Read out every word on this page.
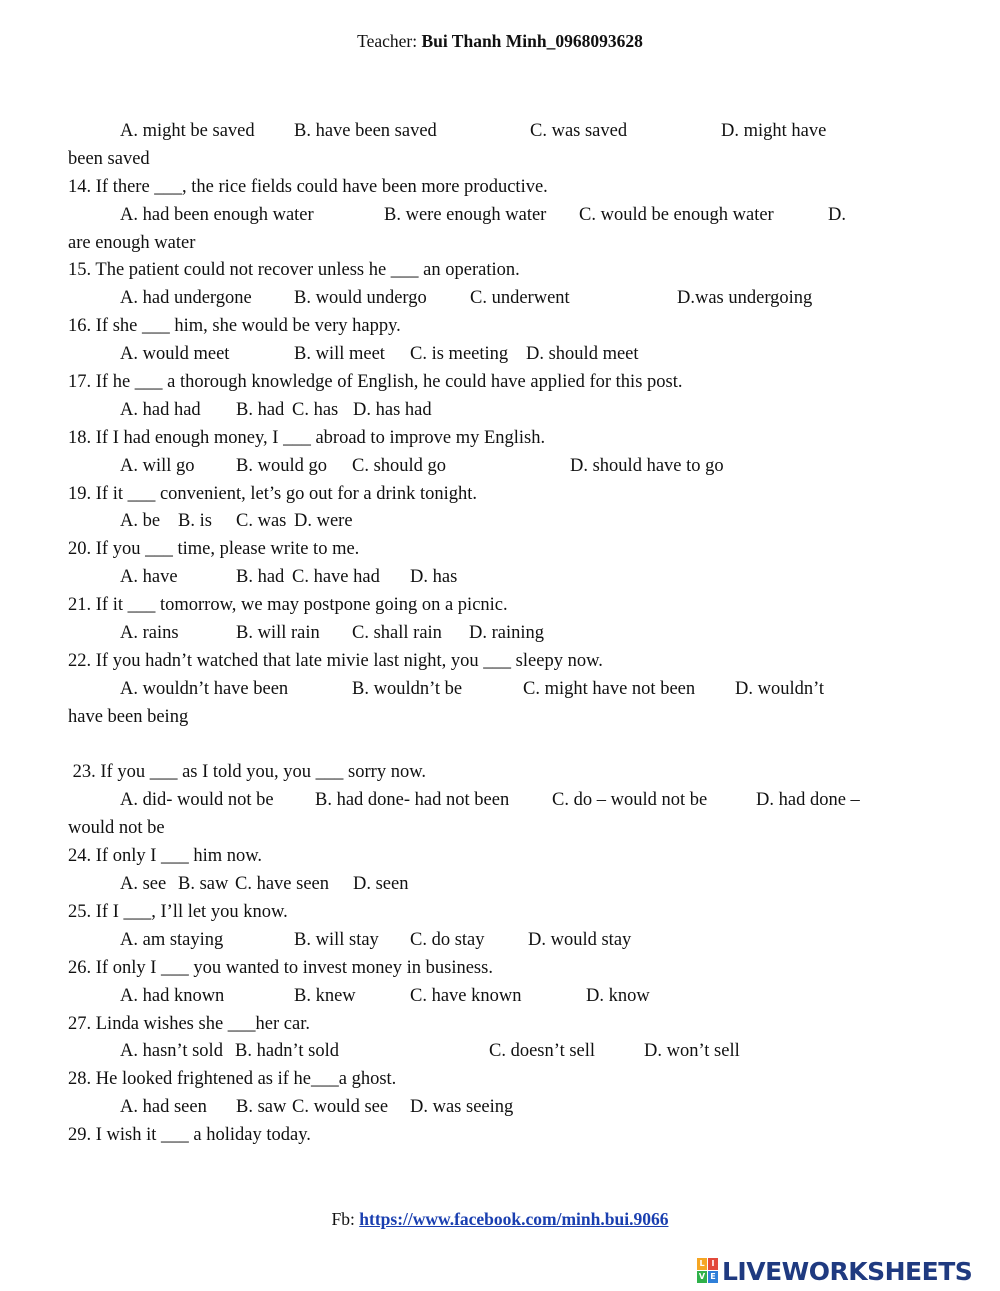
Teacher: Bui Thanh Minh_0968093628
A. might be saved B. have been saved	C. was saved	D. might have
been saved
14. If there ___, the rice fields could have been more productive.
A. had been enough water	B. were enough water C. would be enough water	D.
are enough water
15. The patient could not recover unless he ___ an operation.
A. had undergone B. would undergo C. underwent	D.was undergoing
16. If she ___ him, she would be very happy.
A. would meet	B. will meet C. is meeting D. should meet
17. If he ___ a thorough knowledge of English, he could have applied for this post.
A. had had B. had C. has D. has had
18. If I had enough money, I ___ abroad to improve my English.
A. will go B. would go C. should go	D. should have to go
19. If it ___ convenient, let’s go out for a drink tonight.
A. be B. is C. was D. were
20. If you ___ time, please write to me.
A. have	B. had C. have had D. has
21. If it ___ tomorrow, we may postpone going on a picnic.
A. rains	B. will rain C. shall rain D. raining
22. If you hadn’t watched that late mivie last night, you ___ sleepy now.
A. wouldn’t have been	B. wouldn’t be	C. might have not been D. wouldn’t
have been being
23. If you ___ as I told you, you ___ sorry now.
A. did- would not be B. had done- had not been C. do – would not be	D. had done –
would not be
24. If only I ___ him now.
A. see B. saw C. have seen D. seen
25. If I ___, I’ll let you know.
A. am staying	B. will stay C. do stay D. would stay
26. If only I ___ you wanted to invest money in business.
A. had known	B. knew	C. have known	D. know
27. Linda wishes she ___her car.
A. hasn’t sold B. hadn’t sold	C. doesn’t sell	D. won’t sell
28. He looked frightened as if he___a ghost.
A. had seen B. saw C. would see D. was seeing
29. I wish it ___ a holiday today.
Fb: https://www.facebook.com/minh.bui.9066
L I
V E LIVEWORKSHEETS
